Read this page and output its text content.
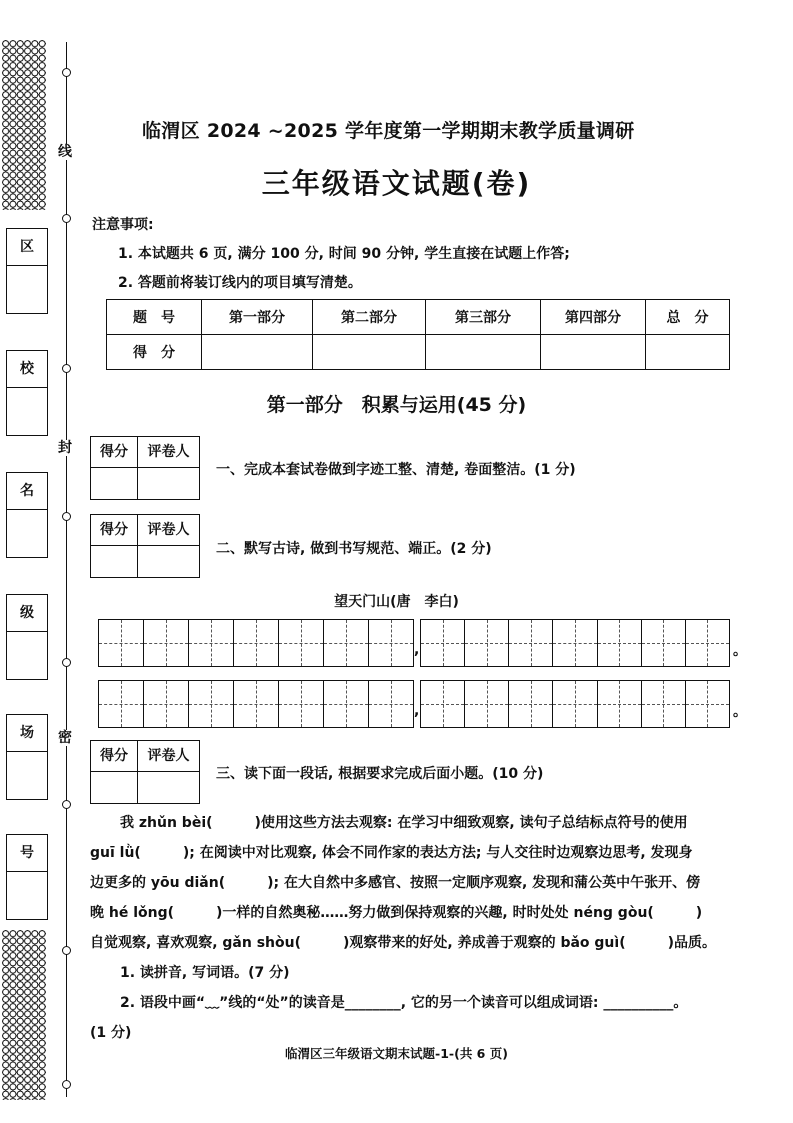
线
封
密
区
校
名
级
场
号
临渭区 2024 ~2025 学年度第一学期期末教学质量调研
三年级语文试题(卷)
注意事项:
1. 本试题共 6 页, 满分 100 分, 时间 90 分钟, 学生直接在试题上作答;
2. 答题前将装订线内的项目填写清楚。
题　号	第一部分	第二部分	第三部分	第四部分	总　分
得　分					
第一部分　积累与运用(45 分)
得分	评卷人
一、完成本套试卷做到字迹工整、清楚, 卷面整洁。(1 分)
得分	评卷人
二、默写古诗, 做到书写规范、端正。(2 分)
望天门山(唐　李白)
,	。
,	。
得分	评卷人
三、读下面一段话, 根据要求完成后面小题。(10 分)

我 zhǔn bèi(　　　)使用这些方法去观察: 在学习中细致观察, 读句子总结标点符号的使用

guī lǜ(　　　); 在阅读中对比观察, 体会不同作家的表达方法; 与人交往时边观察边思考, 发现身

边更多的 yōu diǎn(　　　); 在大自然中多感官、按照一定顺序观察, 发现和蒲公英中午张开、傍

晚 hé lǒng(　　　)一样的自然奥秘……努力做到保持观察的兴趣, 时时处处 néng gòu(　　　)

自觉观察, 喜欢观察, gǎn shòu(　　　)观察带来的好处, 养成善于观察的 bǎo guì(　　　)品质。

1. 读拼音, 写词语。(7 分)

2. 语段中画“﹏”线的“处”的读音是________, 它的另一个读音可以组成词语: __________。

(1 分)

临渭区三年级语文期末试题-1-(共 6 页)
